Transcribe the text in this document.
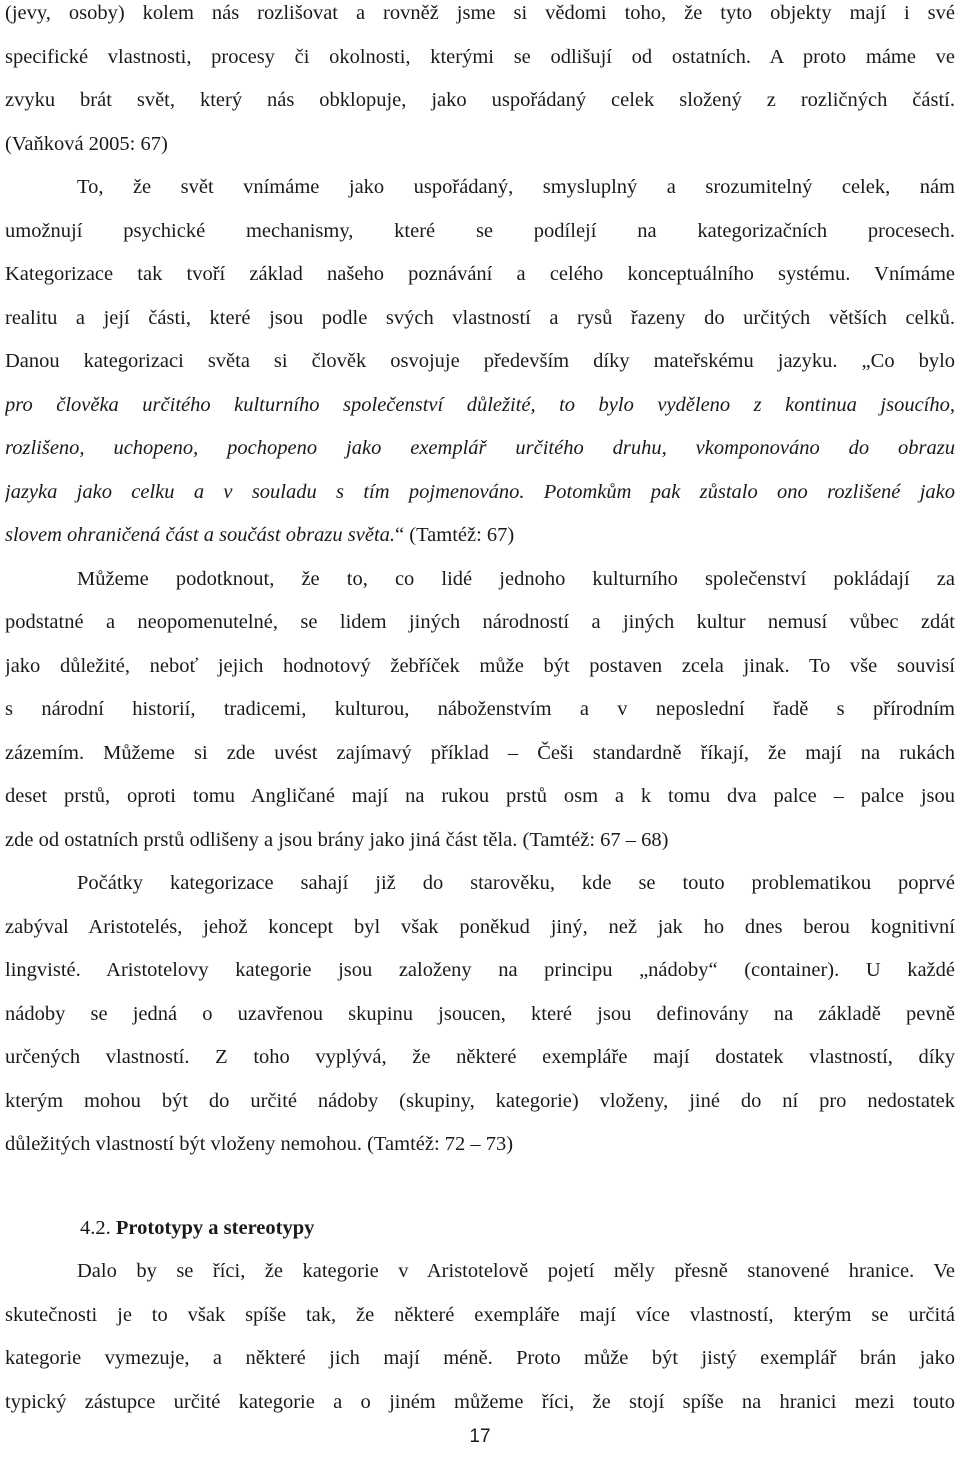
(jevy, osoby) kolem nás rozlišovat a rovněž jsme si vědomi toho, že tyto objekty mají i své
specifické vlastnosti, procesy či okolnosti, kterými se odlišují od ostatních. A proto máme ve
zvyku brát svět, který nás obklopuje, jako uspořádaný celek složený z rozličných částí.
(Vaňková 2005: 67)
To, že svět vnímáme jako uspořádaný, smysluplný a srozumitelný celek, nám
umožnují psychické mechanismy, které se podílejí na kategorizačních procesech.
Kategorizace tak tvoří základ našeho poznávání a celého konceptuálního systému. Vnímáme
realitu a její části, které jsou podle svých vlastností a rysů řazeny do určitých větších celků.
Danou kategorizaci světa si člověk osvojuje především díky mateřskému jazyku. „Co bylo
pro člověka určitého kulturního společenství důležité, to bylo vyděleno z kontinua jsoucího,
rozlišeno, uchopeno, pochopeno jako exemplář určitého druhu, vkomponováno do obrazu
jazyka jako celku a v souladu s tím pojmenováno. Potomkům pak zůstalo ono rozlišené jako
slovem ohraničená část a součást obrazu světa.“ (Tamtéž: 67)
Můžeme podotknout, že to, co lidé jednoho kulturního společenství pokládají za
podstatné a neopomenutelné, se lidem jiných národností a jiných kultur nemusí vůbec zdát
jako důležité, neboť jejich hodnotový žebříček může být postaven zcela jinak. To vše souvisí
s národní historií, tradicemi, kulturou, náboženstvím a v neposlední řadě s přírodním
zázemím. Můžeme si zde uvést zajímavý příklad – Češi standardně říkají, že mají na rukách
deset prstů, oproti tomu Angličané mají na rukou prstů osm a k tomu dva palce – palce jsou
zde od ostatních prstů odlišeny a jsou brány jako jiná část těla. (Tamtéž: 67 – 68)
Počátky kategorizace sahají již do starověku, kde se touto problematikou poprvé
zabýval Aristotelés, jehož koncept byl však poněkud jiný, než jak ho dnes berou kognitivní
lingvisté. Aristotelovy kategorie jsou založeny na principu „nádoby“ (container). U každé
nádoby se jedná o uzavřenou skupinu jsoucen, které jsou definovány na základě pevně
určených vlastností. Z toho vyplývá, že některé exempláře mají dostatek vlastností, díky
kterým mohou být do určité nádoby (skupiny, kategorie) vloženy, jiné do ní pro nedostatek
důležitých vlastností být vloženy nemohou. (Tamtéž: 72 – 73)
4.2. Prototypy a stereotypy
Dalo by se říci, že kategorie v Aristotelově pojetí měly přesně stanovené hranice. Ve
skutečnosti je to však spíše tak, že některé exempláře mají více vlastností, kterým se určitá
kategorie vymezuje, a některé jich mají méně. Proto může být jistý exemplář brán jako
typický zástupce určité kategorie a o jiném můžeme říci, že stojí spíše na hranici mezi touto
17
